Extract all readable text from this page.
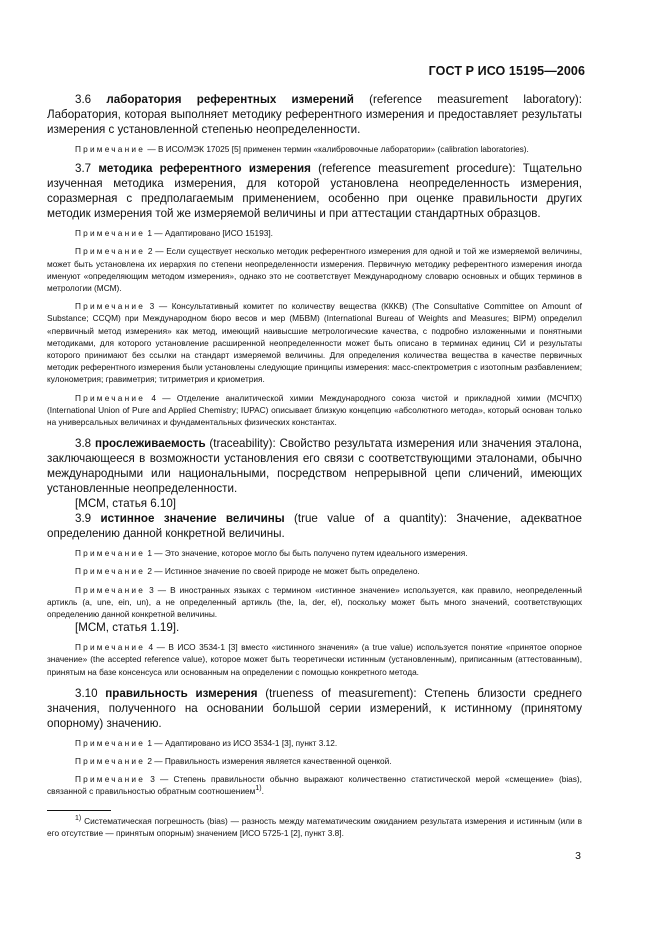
ГОСТ Р ИСО 15195—2006

3.6 лаборатория референтных измерений (reference measurement laboratory): Лаборатория, которая выполняет методику референтного измерения и предоставляет результаты измерения с установленной степенью неопределенности.

Примечание — В ИСО/МЭК 17025 [5] применен термин «калибровочные лаборатории» (calibration laboratories).

3.7 методика референтного измерения (reference measurement procedure): Тщательно изученная методика измерения, для которой установлена неопределенность измерения, соразмерная с предполагаемым применением, особенно при оценке правильности других методик измерения той же измеряемой величины и при аттестации стандартных образцов.

Примечание 1 — Адаптировано [ИСО 15193].

Примечание 2 — Если существует несколько методик референтного измерения для одной и той же измеряемой величины, может быть установлена их иерархия по степени неопределенности измерения. Первичную методику референтного измерения иногда именуют «определяющим методом измерения», однако это не соответствует Международному словарю основных и общих терминов в метрологии (МСМ).

Примечание 3 — Консультативный комитет по количеству вещества (ККKB) (The Consultative Committee on Amount of Substance; CCQM) при Международном бюро весов и мер (МБВМ) (International Bureau of Weights and Measures; BIPM) определил «первичный метод измерения» как метод, имеющий наивысшие метрологические качества, с подробно изложенными и понятными методиками, для которого установление расширенной неопределенности может быть описано в терминах единиц СИ и результаты которого принимают без ссылки на стандарт измеряемой величины. Для определения количества вещества в качестве первичных методик референтного измерения были установлены следующие принципы измерения: масс-спектрометрия с изотопным разбавлением; кулонометрия; гравиметрия; титриметрия и криометрия.

Примечание 4 — Отделение аналитической химии Международного союза чистой и прикладной химии (МСЧПХ) (International Union of Pure and Applied Chemistry; IUPAC) описывает близкую концепцию «абсолютного метода», который основан только на универсальных величинах и фундаментальных физических константах.

3.8 прослеживаемость (traceability): Свойство результата измерения или значения эталона, заключающееся в возможности установления его связи с соответствующими эталонами, обычно международными или национальными, посредством непрерывной цепи сличений, имеющих установленные неопределенности.

[МСМ, статья 6.10]

3.9 истинное значение величины (true value of a quantity): Значение, адекватное определению данной конкретной величины.

Примечание 1 — Это значение, которое могло бы быть получено путем идеального измерения.

Примечание 2 — Истинное значение по своей природе не может быть определено.

Примечание 3 — В иностранных языках с термином «истинное значение» используется, как правило, неопределенный артикль (a, une, ein, un), а не определенный артикль (the, la, der, el), поскольку может быть много значений, соответствующих определению данной конкретной величины.

[МСМ, статья 1.19].

Примечание 4 — В ИСО 3534-1 [3] вместо «истинного значения» (a true value) используется понятие «принятое опорное значение» (the accepted reference value), которое может быть теоретически истинным (установленным), приписанным (аттестованным), принятым на базе консенсуса или основанным на определении с помощью конкретного метода.

3.10 правильность измерения (trueness of measurement): Степень близости среднего значения, полученного на основании большой серии измерений, к истинному (принятому опорному) значению.

Примечание 1 — Адаптировано из ИСО 3534-1 [3], пункт 3.12.

Примечание 2 — Правильность измерения является качественной оценкой.

Примечание 3 — Степень правильности обычно выражают количественно статистической мерой «смещение» (bias), связанной с правильностью обратным соотношением$^{1)}$.

$^{1)}$ Систематическая погрешность (bias) — разность между математическим ожиданием результата измерения и истинным (или в его отсутствие — принятым опорным) значением [ИСО 5725-1 [2], пункт 3.8].

3
